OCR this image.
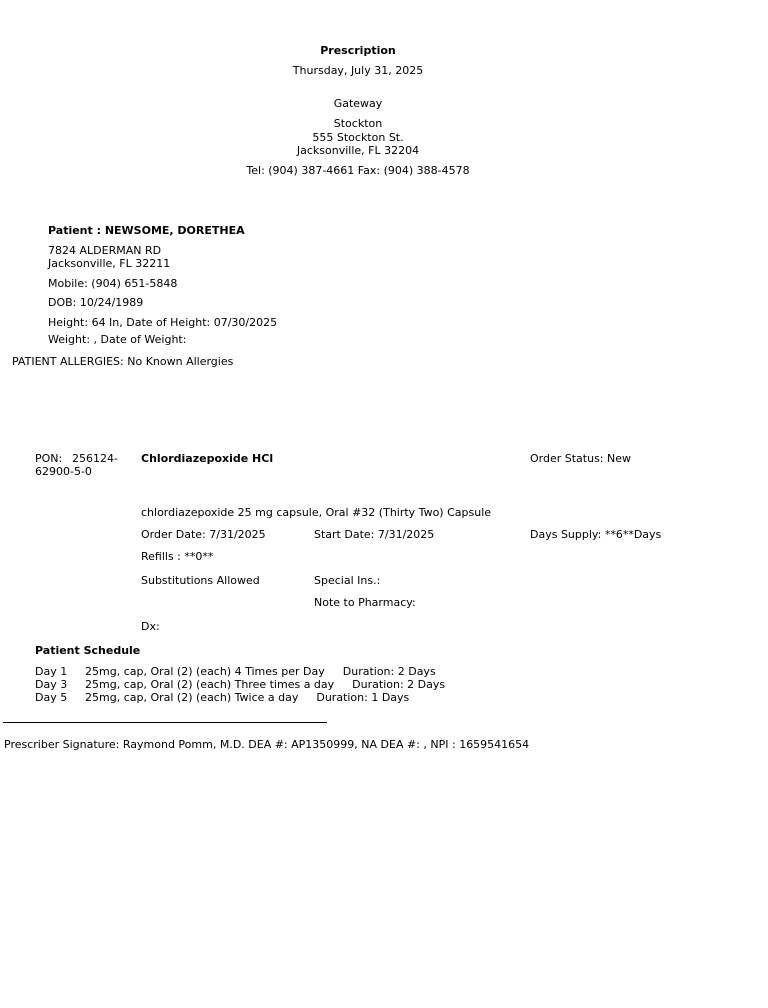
Prescription
Thursday, July 31, 2025
Gateway
Stockton
555 Stockton St.
Jacksonville, FL 32204
Tel: (904) 387-4661 Fax: (904) 388-4578
Patient : NEWSOME, DORETHEA
7824 ALDERMAN RD
Jacksonville, FL 32211
Mobile: (904) 651-5848
DOB: 10/24/1989
Height: 64 In, Date of Height: 07/30/2025
Weight: , Date of Weight:
PATIENT ALLERGIES: No Known Allergies
PON: 256124-
62900-5-0
Chlordiazepoxide HCl	Order Status: New
chlordiazepoxide 25 mg capsule, Oral #32 (Thirty Two) Capsule
Order Date: 7/31/2025	Start Date: 7/31/2025	Days Supply: **6**Days
Refills : **0**
Substitutions Allowed	Special Ins.:
Note to Pharmacy:
Dx:
Patient Schedule
Day 1 25mg, cap, Oral (2) (each) 4 Times per Day Duration: 2 Days
Day 3 25mg, cap, Oral (2) (each) Three times a day Duration: 2 Days
Day 5 25mg, cap, Oral (2) (each) Twice a day Duration: 1 Days
Prescriber Signature: Raymond Pomm, M.D. DEA #: AP1350999, NA DEA #: , NPI : 1659541654
